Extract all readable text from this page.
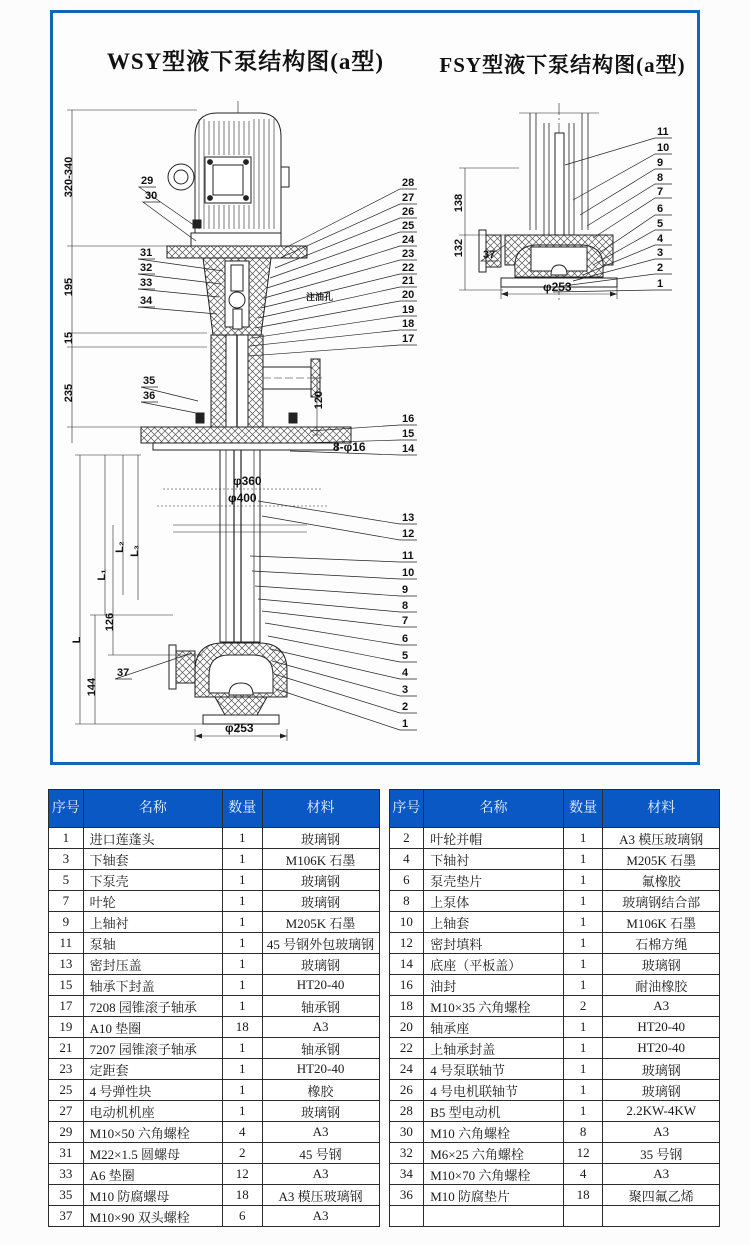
WSY型液下泵结构图(a型)	FSY型液下泵结构图(a型)
29
30
31
32
33
34
35
36
37
28
27
26
25
24
23
22
21
20
19
18
17
16
15
14
13
12
11
10
9
8
7
6
5
4
3
2
1
320-340
195
15
235
L
L₁
L₂ L₃
126
144
120
φ360
φ400
8-φ16
φ253
注油孔
11
10
9
8
7
6
5
4
3
2
1
37
138
132
φ253
序号	名称	数量	材料
1	进口莲蓬头	1	玻璃钢
3	下轴套	1	M106K 石墨
5	下泵壳	1	玻璃钢
7	叶轮	1	玻璃钢
9	上轴衬	1	M205K 石墨
11	泵轴	1	45 号钢外包玻璃钢
13	密封压盖	1	玻璃钢
15	轴承下封盖	1	HT20-40
17	7208 园锥滚子轴承	1	轴承钢
19	A10 垫圈	18	A3
21	7207 园锥滚子轴承	1	轴承钢
23	定距套	1	HT20-40
25	4 号弹性块	1	橡胶
27	电动机机座	1	玻璃钢
29	M10×50 六角螺栓	4	A3
31	M22×1.5 圆螺母	2	45 号钢
33	A6 垫圈	12	A3
35	M10 防腐螺母	18	A3 模压玻璃钢
37	M10×90 双头螺栓	6	A3
序号	名称	数量	材料
2	叶轮并帽	1	A3 模压玻璃钢
4	下轴衬	1	M205K 石墨
6	泵壳垫片	1	氟橡胶
8	上泵体	1	玻璃钢结合部
10	上轴套	1	M106K 石墨
12	密封填料	1	石棉方绳
14	底座（平板盖）	1	玻璃钢
16	油封	1	耐油橡胶
18	M10×35 六角螺栓	2	A3
20	轴承座	1	HT20-40
22	上轴承封盖	1	HT20-40
24	4 号泵联轴节	1	玻璃钢
26	4 号电机联轴节	1	玻璃钢
28	B5 型电动机	1	2.2KW-4KW
30	M10 六角螺栓	8	A3
32	M6×25 六角螺栓	12	35 号钢
34	M10×70 六角螺栓	4	A3
36	M10 防腐垫片	18	聚四氟乙烯
